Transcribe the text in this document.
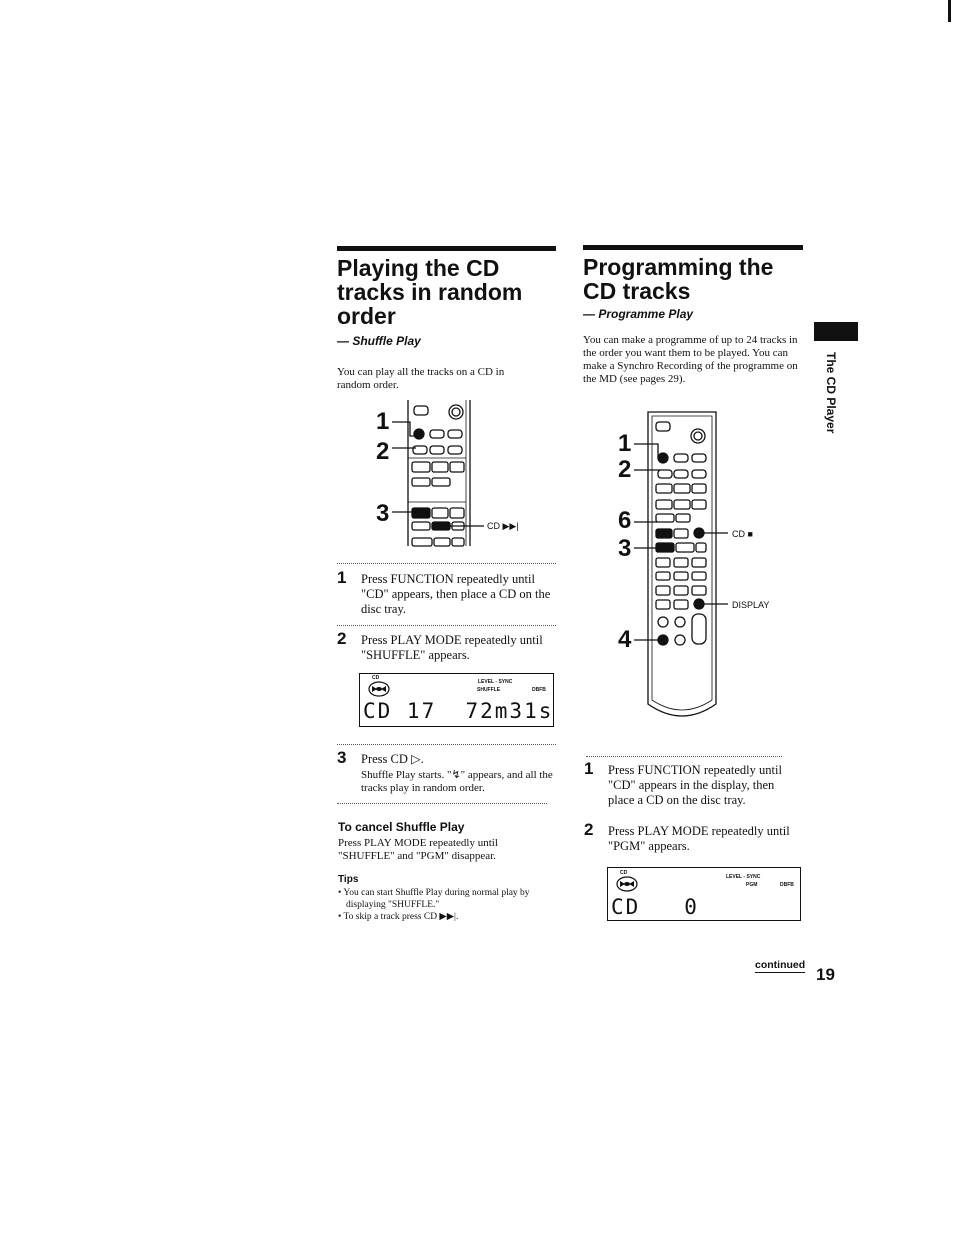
The CD Player
Playing the CD
tracks in random
order
— Shuffle Play
You can play all the tracks on a CD in random order.
1
2
3	CD ▶▶|
1 Press FUNCTION repeatedly until "CD" appears, then place a CD on the disc tray.
2 Press PLAY MODE repeatedly until "SHUFFLE" appears.
CD
LEVEL - SYNC
SHUFFLE	DBFB
CD 17  72m31s
3 Press CD ▷.
Shuffle Play starts. "↯" appears, and all the tracks play in random order.
To cancel Shuffle Play
Press PLAY MODE repeatedly until "SHUFFLE" and "PGM" disappear.
Tips
• You can start Shuffle Play during normal play by displaying "SHUFFLE."
• To skip a track press CD ▶▶|.
Programming the
CD tracks
— Programme Play
You can make a programme of up to 24 tracks in the order you want them to be played. You can make a Synchro Recording of the programme on the MD (see pages 29).
1
2
6
3
4
CD ■
DISPLAY
1 Press FUNCTION repeatedly until "CD" appears in the display, then place a CD on the disc tray.
2 Press PLAY MODE repeatedly until "PGM" appears.
CD
LEVEL - SYNC
PGM	DBFB
CD   0
continued 19
